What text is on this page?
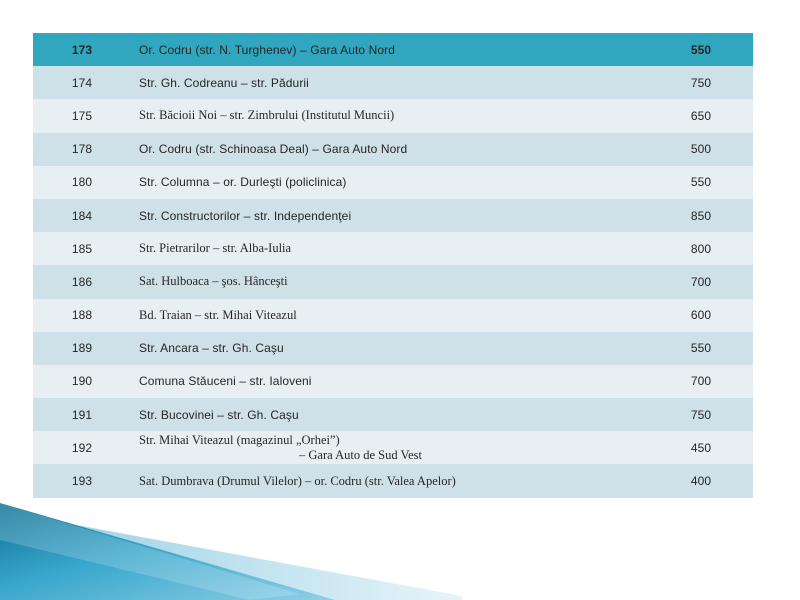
173	Or. Codru (str. N. Turghenev) – Gara Auto Nord	550
174	Str. Gh. Codreanu – str. Pădurii	750
175	Str. Băcioii Noi – str. Zimbrului (Institutul Muncii)	650
178	Or. Codru (str. Schinoasa Deal) – Gara Auto Nord	500
180	Str. Columna – or. Durleşti (policlinica)	550
184	Str. Constructorilor – str. Independenţei	850
185	Str. Pietrarilor – str. Alba-Iulia	800
186	Sat. Hulboaca – şos. Hânceşti	700
188	Bd. Traian – str. Mihai Viteazul	600
189	Str. Ancara – str. Gh. Caşu	550
190	Comuna Stăuceni – str. Ialoveni	700
191	Str. Bucovinei – str. Gh. Caşu	750
192	Str. Mihai Viteazul (magazinul „Orhei”)
– Gara Auto de Sud Vest	450
193	Sat. Dumbrava (Drumul Vilelor) – or. Codru (str. Valea Apelor)	400
